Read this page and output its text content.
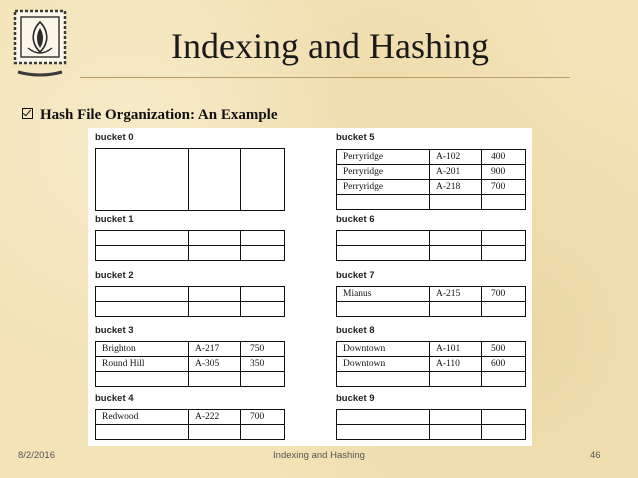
Indexing and Hashing
Hash File Organization: An Example
8/2/2016	Indexing and Hashing	46
bucket 0

bucket 1

bucket 2

bucket 3
Brighton	A-217	750
Round Hill	A-305	350

bucket 4
Redwood	A-222	700

bucket 5
Perryridge	A-102	400
Perryridge	A-201	900
Perryridge	A-218	700

bucket 6

bucket 7
Mianus	A-215	700

bucket 8
Downtown	A-101	500
Downtown	A-110	600

bucket 9
